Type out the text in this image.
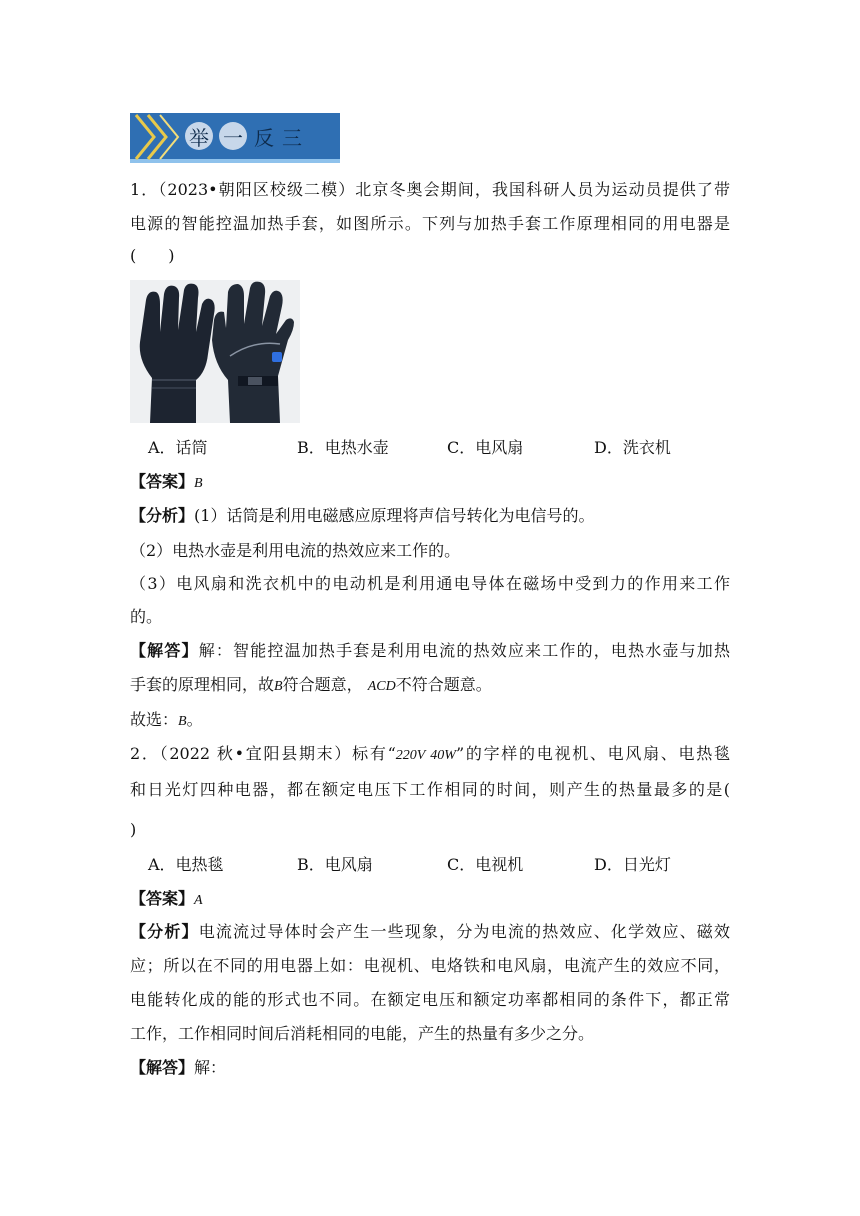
举 一 反 三
1．（2023•朝阳区校级二模）北京冬奥会期间，我国科研人员为运动员提供了带
电源的智能控温加热手套，如图所示。下列与加热手套工作原理相同的用电器是
(　　)
A．话筒	B．电热水壶	C．电风扇	D．洗衣机
【答案】B
【分析】(1）话筒是利用电磁感应原理将声信号转化为电信号的。
（2）电热水壶是利用电流的热效应来工作的。
（3）电风扇和洗衣机中的电动机是利用通电导体在磁场中受到力的作用来工作
的。
【解答】解：智能控温加热手套是利用电流的热效应来工作的，电热水壶与加热
手套的原理相同，故B符合题意， ACD不符合题意。
故选：B。
2．（2022 秋•宜阳县期末）标有“220V 40W”的字样的电视机、电风扇、电热毯
和日光灯四种电器，都在额定电压下工作相同的时间，则产生的热量最多的是(
)
A．电热毯	B．电风扇	C．电视机	D．日光灯
【答案】A
【分析】电流流过导体时会产生一些现象，分为电流的热效应、化学效应、磁效
应；所以在不同的用电器上如：电视机、电烙铁和电风扇，电流产生的效应不同，
电能转化成的能的形式也不同。在额定电压和额定功率都相同的条件下，都正常
工作，工作相同时间后消耗相同的电能，产生的热量有多少之分。
【解答】解：
